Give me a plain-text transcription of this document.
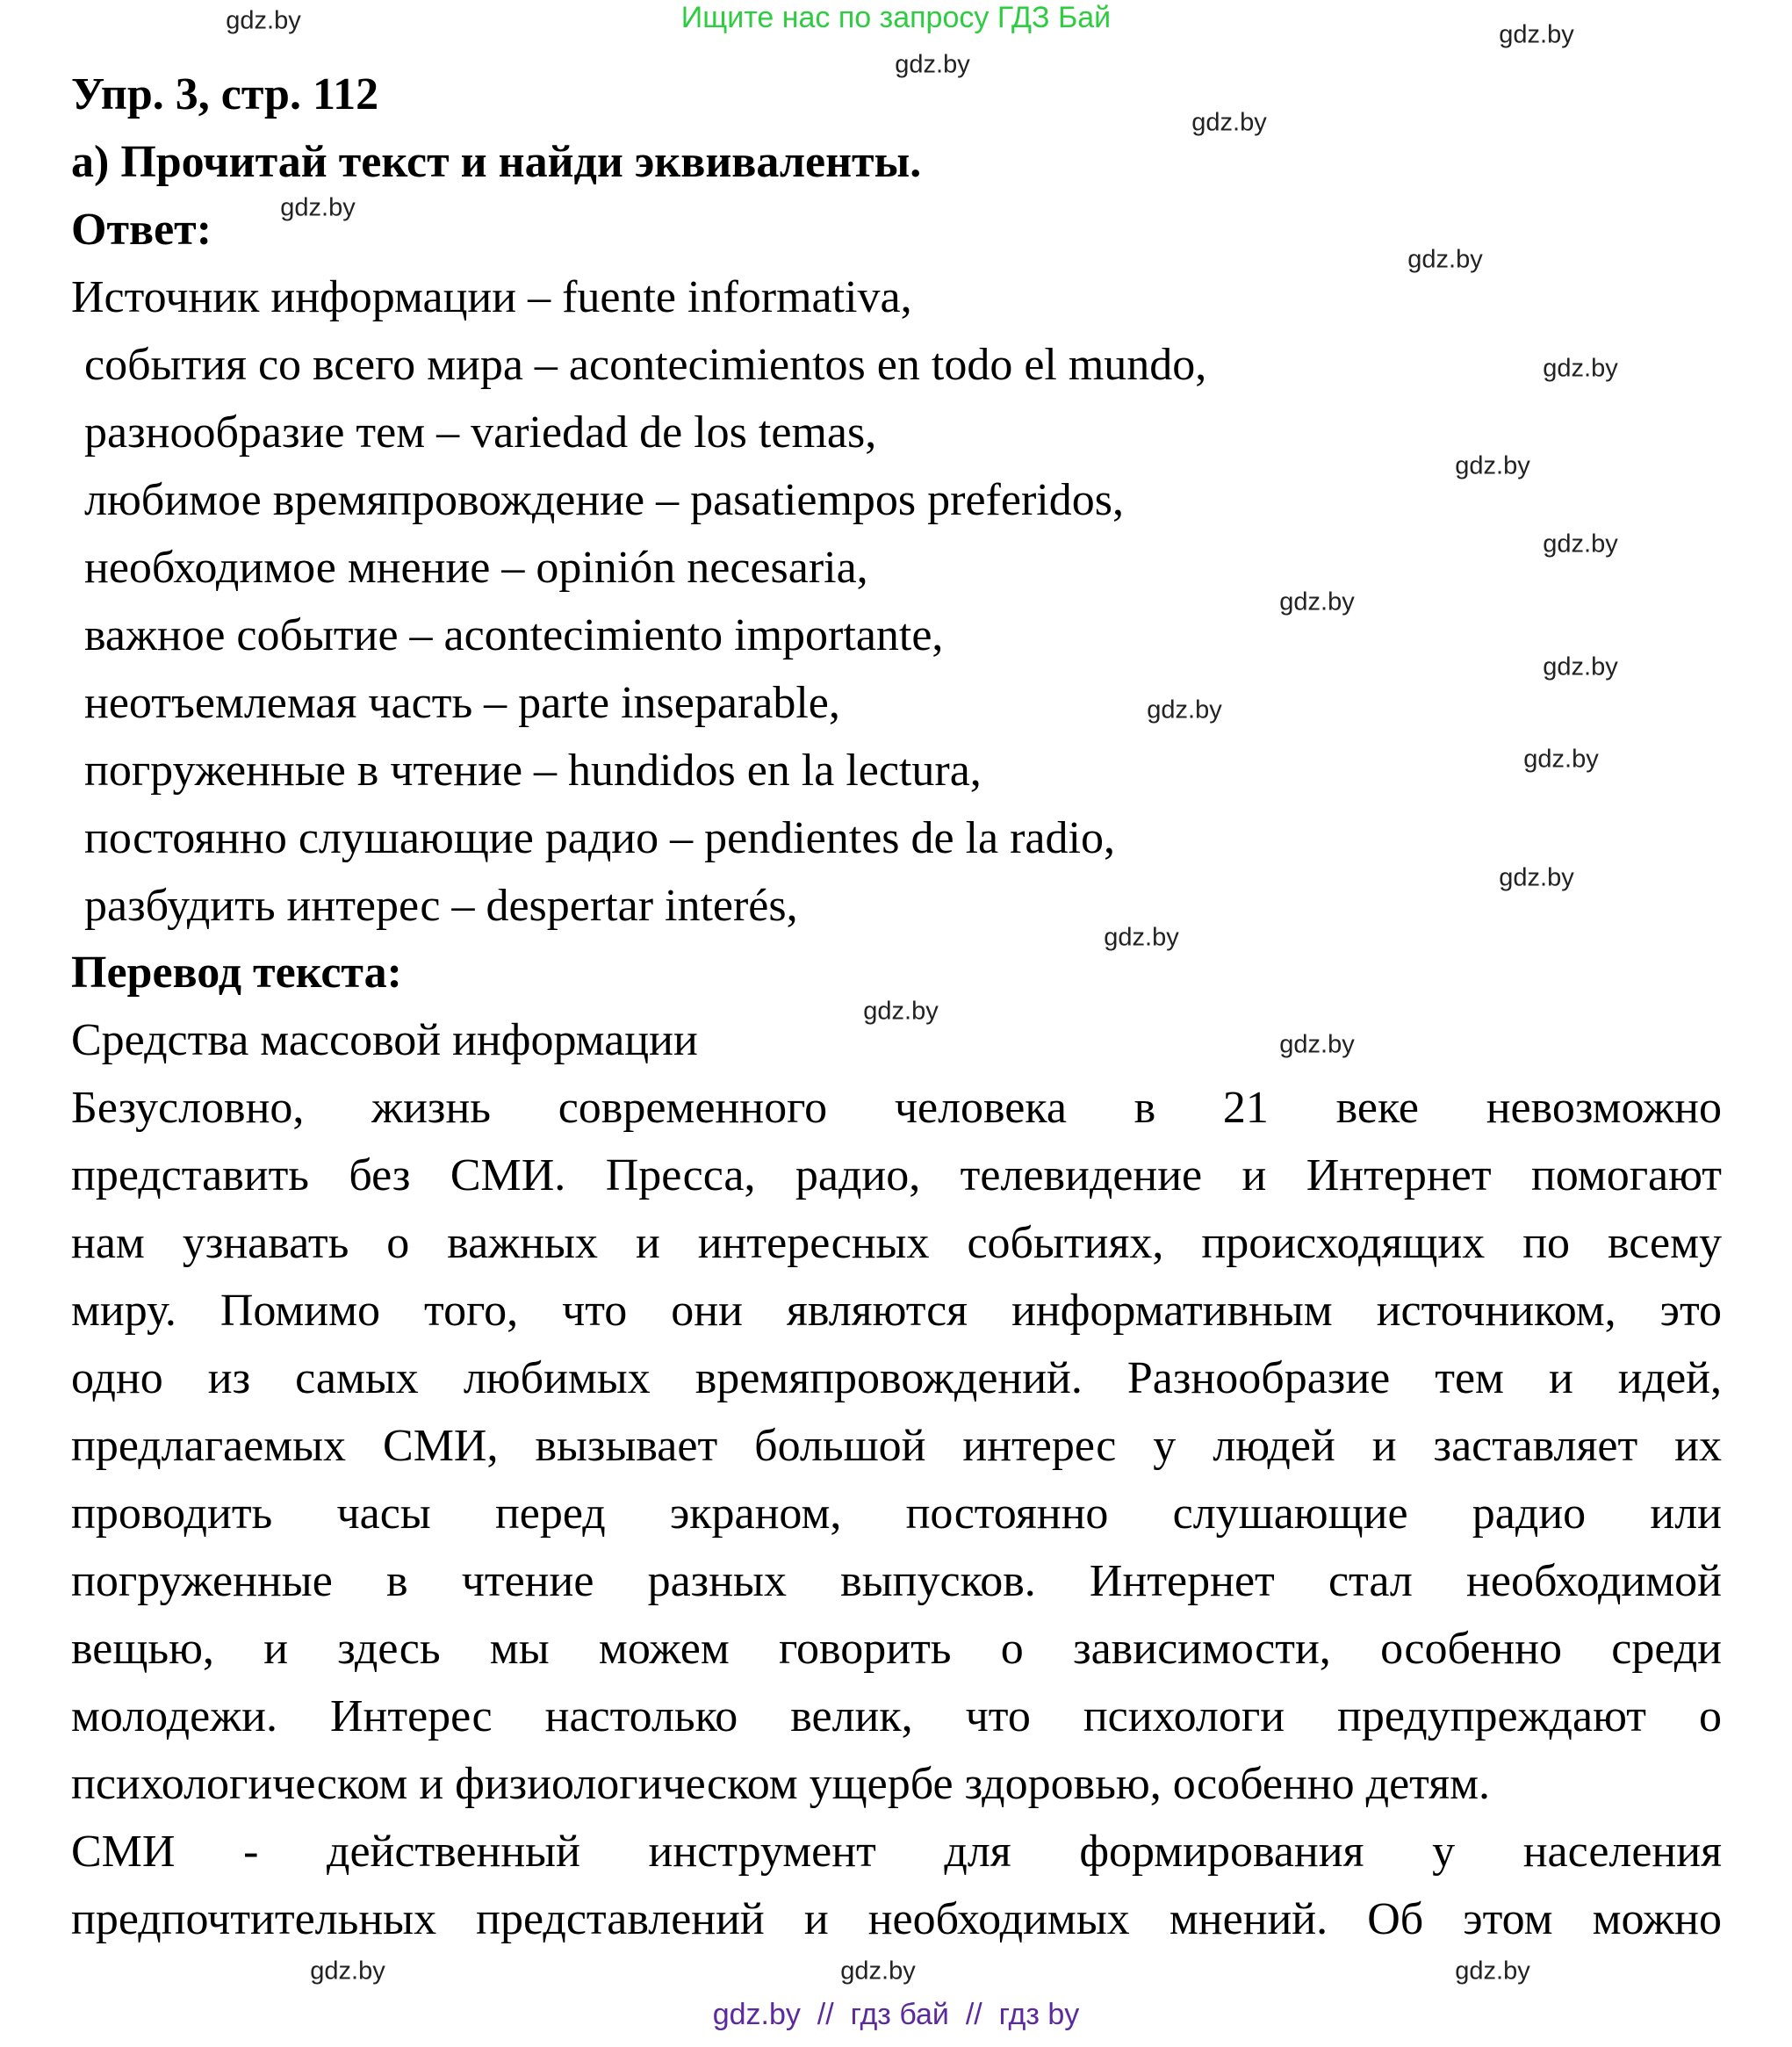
Ищите нас по запросу ГДЗ Бай
Упр. 3, стр. 112
а) Прочитай текст и найди эквиваленты.
Ответ:
Источник информации – fuente informativa,
события со всего мира – acontecimientos en todo el mundo,
разнообразие тем – variedad de los temas,
любимое времяпровождение – pasatiempos preferidos,
необходимое мнение – opinión necesaria,
важное событие – acontecimiento importante,
неотъемлемая часть – parte inseparable,
погруженные в чтение – hundidos en la lectura,
постоянно слушающие радио – pendientes de la radio,
разбудить интерес – despertar interés,
Перевод текста:
Средства массовой информации
Безусловно, жизнь современного человека в 21 веке невозможно
представить без СМИ. Пресса, радио, телевидение и Интернет помогают
нам узнавать о важных и интересных событиях, происходящих по всему
миру. Помимо того, что они являются информативным источником, это
одно из самых любимых времяпровождений. Разнообразие тем и идей,
предлагаемых СМИ, вызывает большой интерес у людей и заставляет их
проводить часы перед экраном, постоянно слушающие радио или
погруженные в чтение разных выпусков. Интернет стал необходимой
вещью, и здесь мы можем говорить о зависимости, особенно среди
молодежи. Интерес настолько велик, что психологи предупреждают о
психологическом и физиологическом ущербе здоровью, особенно детям.
СМИ - действенный инструмент для формирования у населения
предпочтительных представлений и необходимых мнений. Об этом можно
gdz.by
gdz.by
gdz.by
gdz.by
gdz.by
gdz.by
gdz.by
gdz.by
gdz.by
gdz.by
gdz.by
gdz.by
gdz.by
gdz.by
gdz.by
gdz.by	gdz.by
gdz.by
gdz.by
gdz.by
gdz.by  //  гдз бай  //  гдз by
